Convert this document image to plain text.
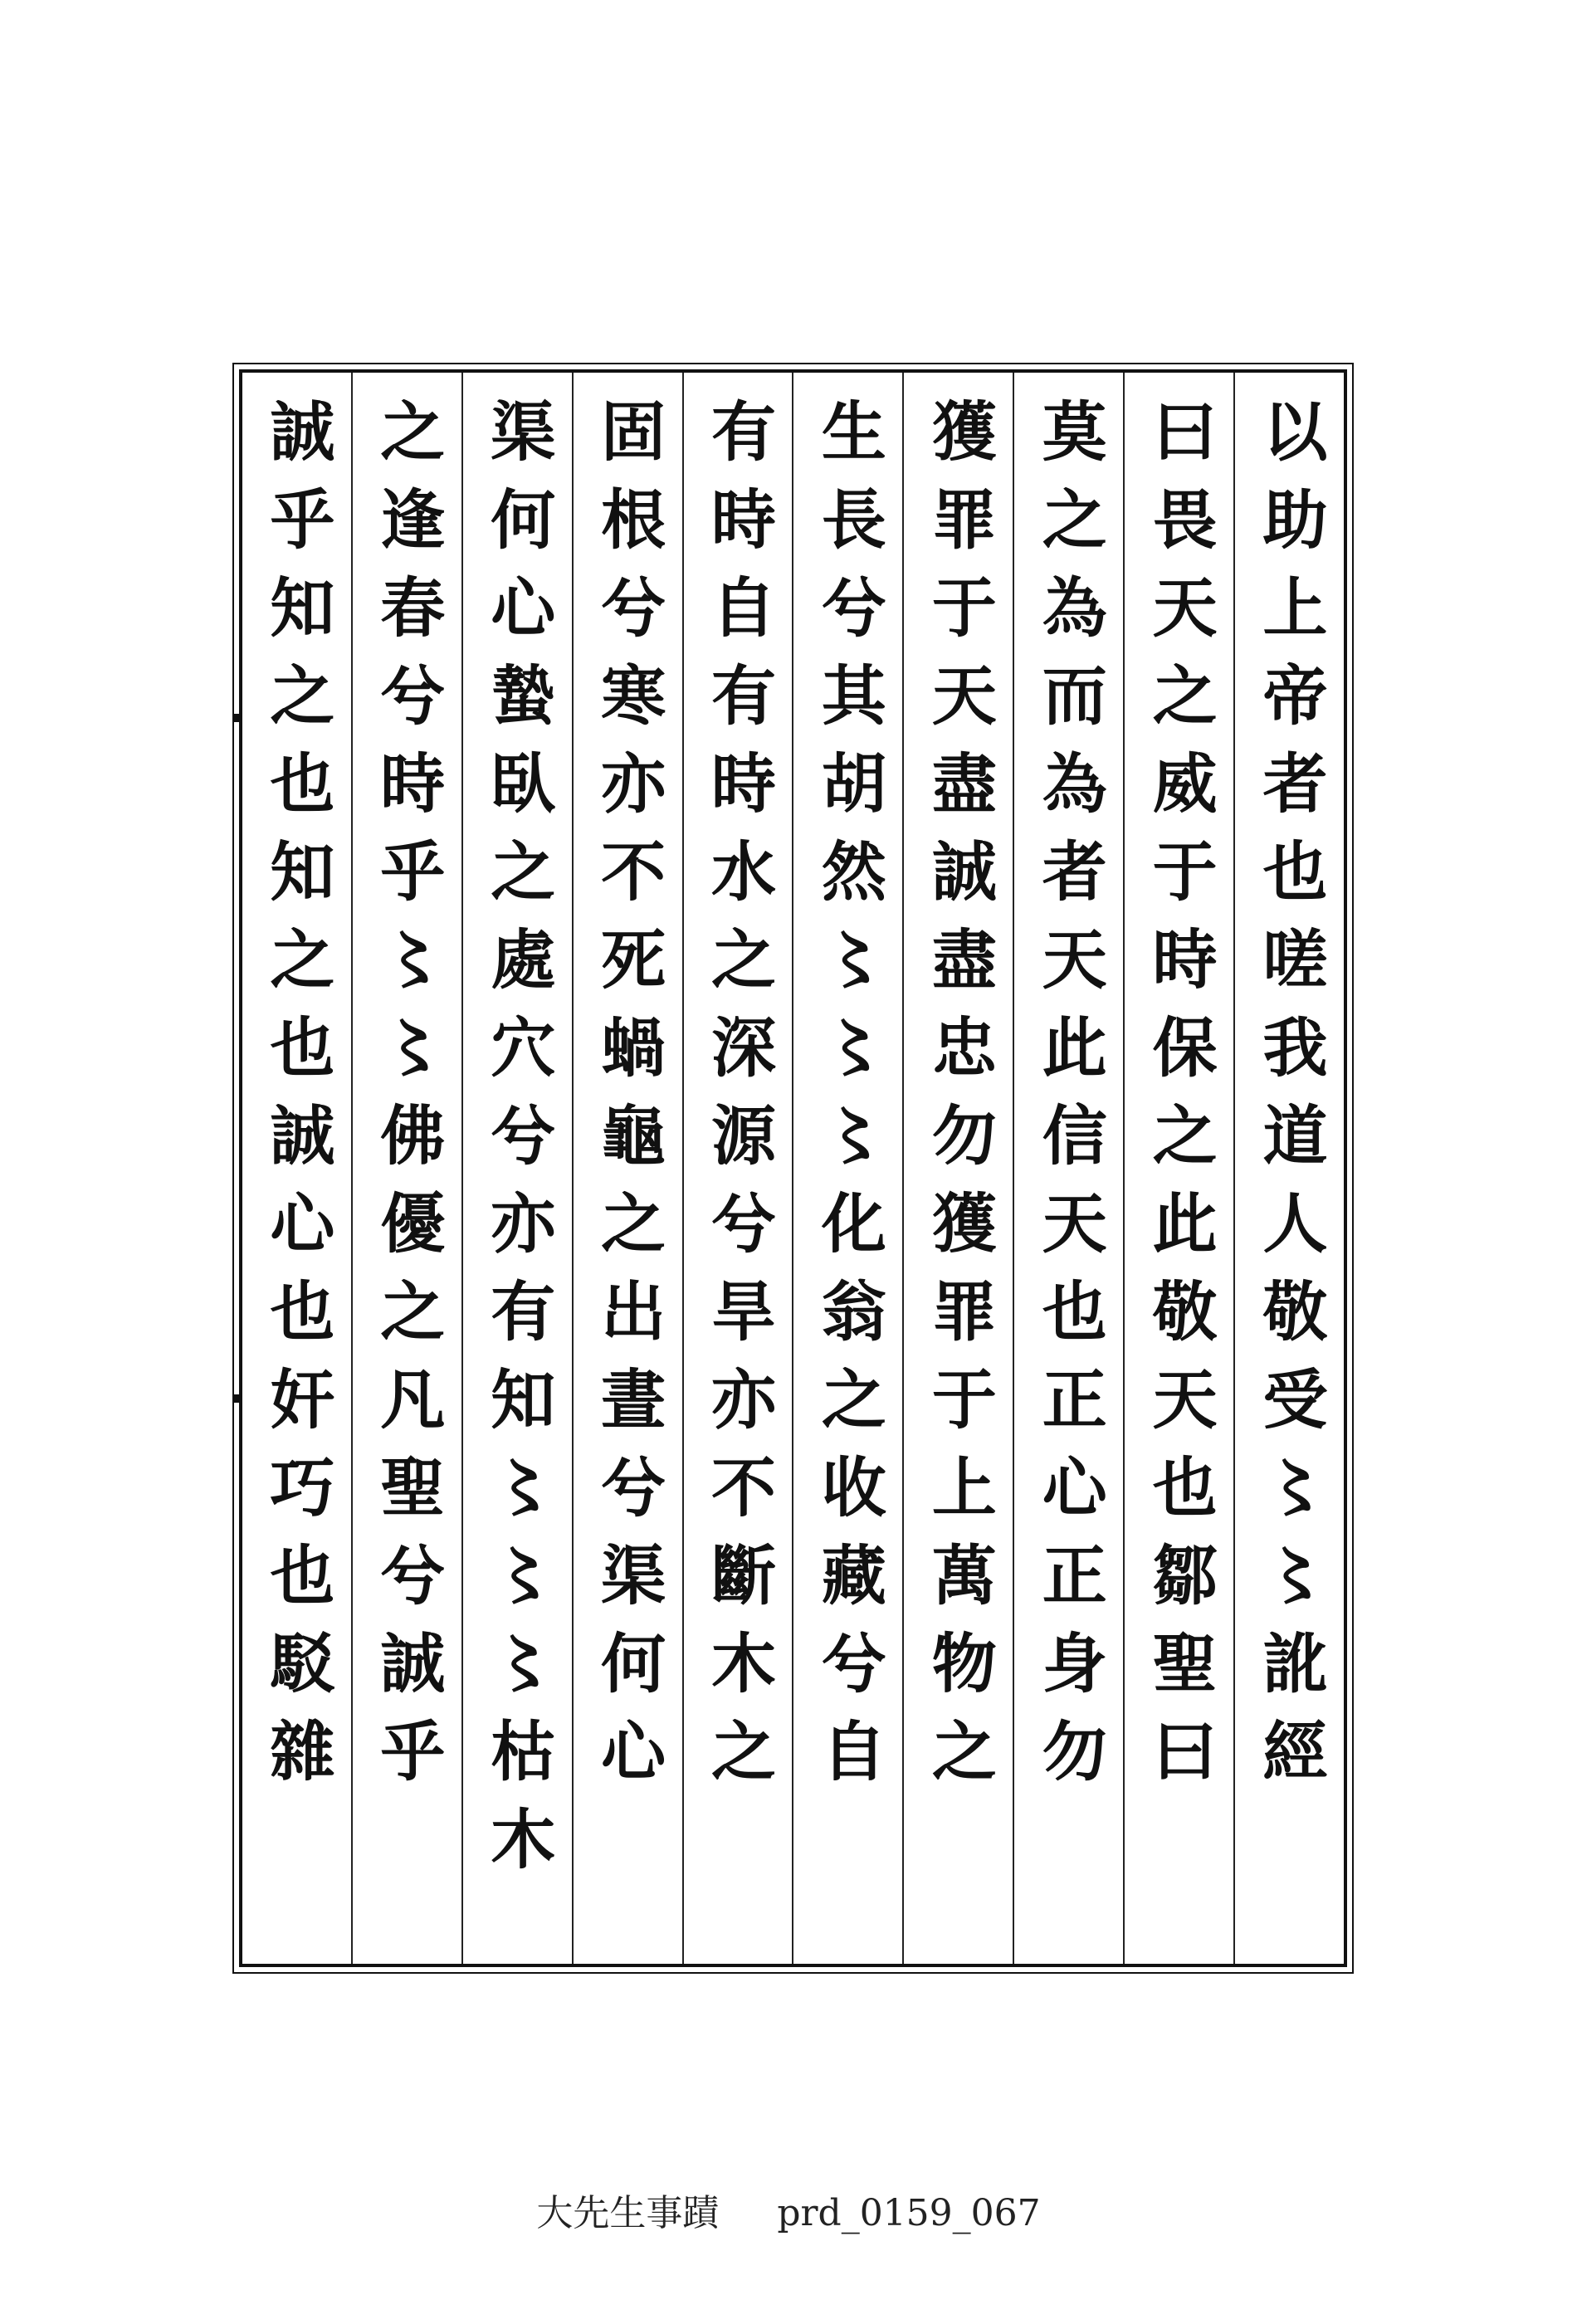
以助上帝者也嗟我道人敬受〻〻訛經
曰畏天之威于時保之此敬天也鄒聖曰
莫之為而為者天此信天也正心正身勿
獲罪于天盡誠盡忠勿獲罪于上萬物之
生長兮其胡然〻〻〻化翁之收藏兮自
有時自有時水之深源兮旱亦不斷木之
固根兮寒亦不死蝸龜之出晝兮渠何心
渠何心蟄臥之處穴兮亦有知〻〻〻枯木
之逢春兮時乎〻〻佛優之凡聖兮誠乎
誠乎知之也知之也誠心也奸巧也駁雜
大先生事蹟 prd_0159_067
